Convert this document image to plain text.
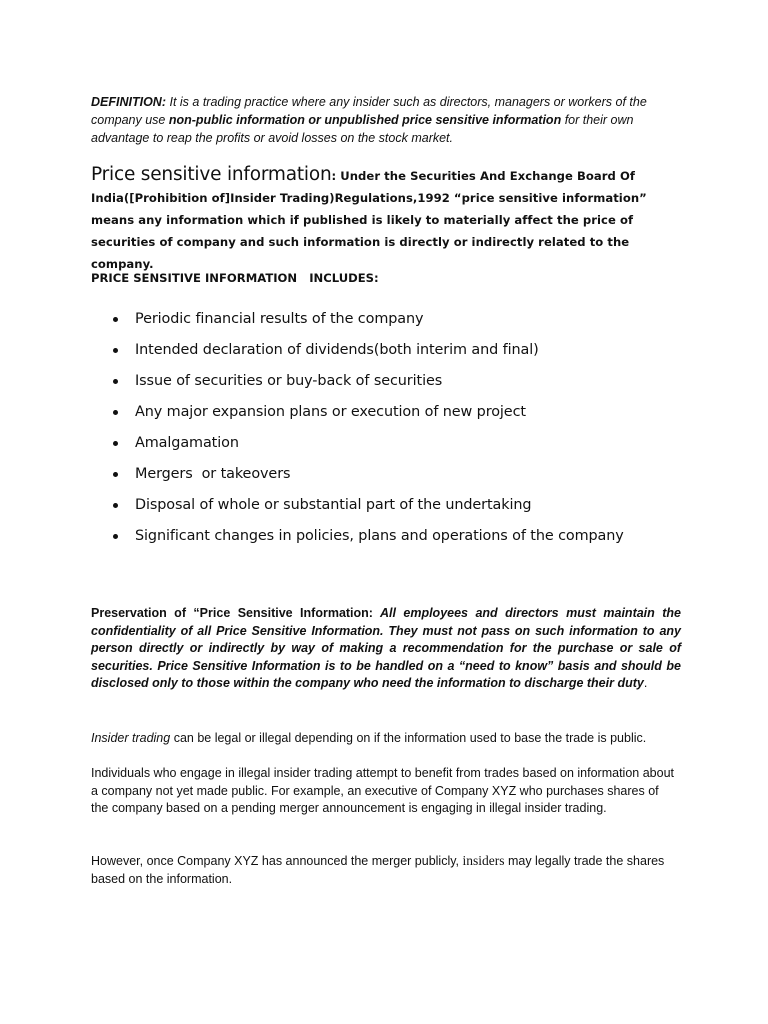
DEFINITION: It is a trading practice where any insider such as directors, managers or workers of the company use non-public information or unpublished price sensitive information for their own advantage to reap the profits or avoid losses on the stock market.

Price sensitive information: Under the Securities And Exchange Board Of India([Prohibition of]Insider Trading)Regulations,1992 “price sensitive information” means any information which if published is likely to materially affect the price of securities of company and such information is directly or indirectly related to the company.

PRICE SENSITIVE INFORMATION   INCLUDES:
Periodic financial results of the company
Intended declaration of dividends(both interim and final)
Issue of securities or buy-back of securities
Any major expansion plans or execution of new project
Amalgamation
Mergers  or takeovers
Disposal of whole or substantial part of the undertaking
Significant changes in policies, plans and operations of the company

Preservation of “Price Sensitive Information: All employees and directors must maintain the confidentiality of all Price Sensitive Information. They must not pass on such information to any person directly or indirectly by way of making a recommendation for the purchase or sale of securities. Price Sensitive Information is to be handled on a “need to know” basis and should be disclosed only to those within the company who need the information to discharge their duty.

Insider trading can be legal or illegal depending on if the information used to base the trade is public.

Individuals who engage in illegal insider trading attempt to benefit from trades based on information about a company not yet made public. For example, an executive of Company XYZ who purchases shares of the company based on a pending merger announcement is engaging in illegal insider trading.

However, once Company XYZ has announced the merger publicly, insiders may legally trade the shares based on the information.
